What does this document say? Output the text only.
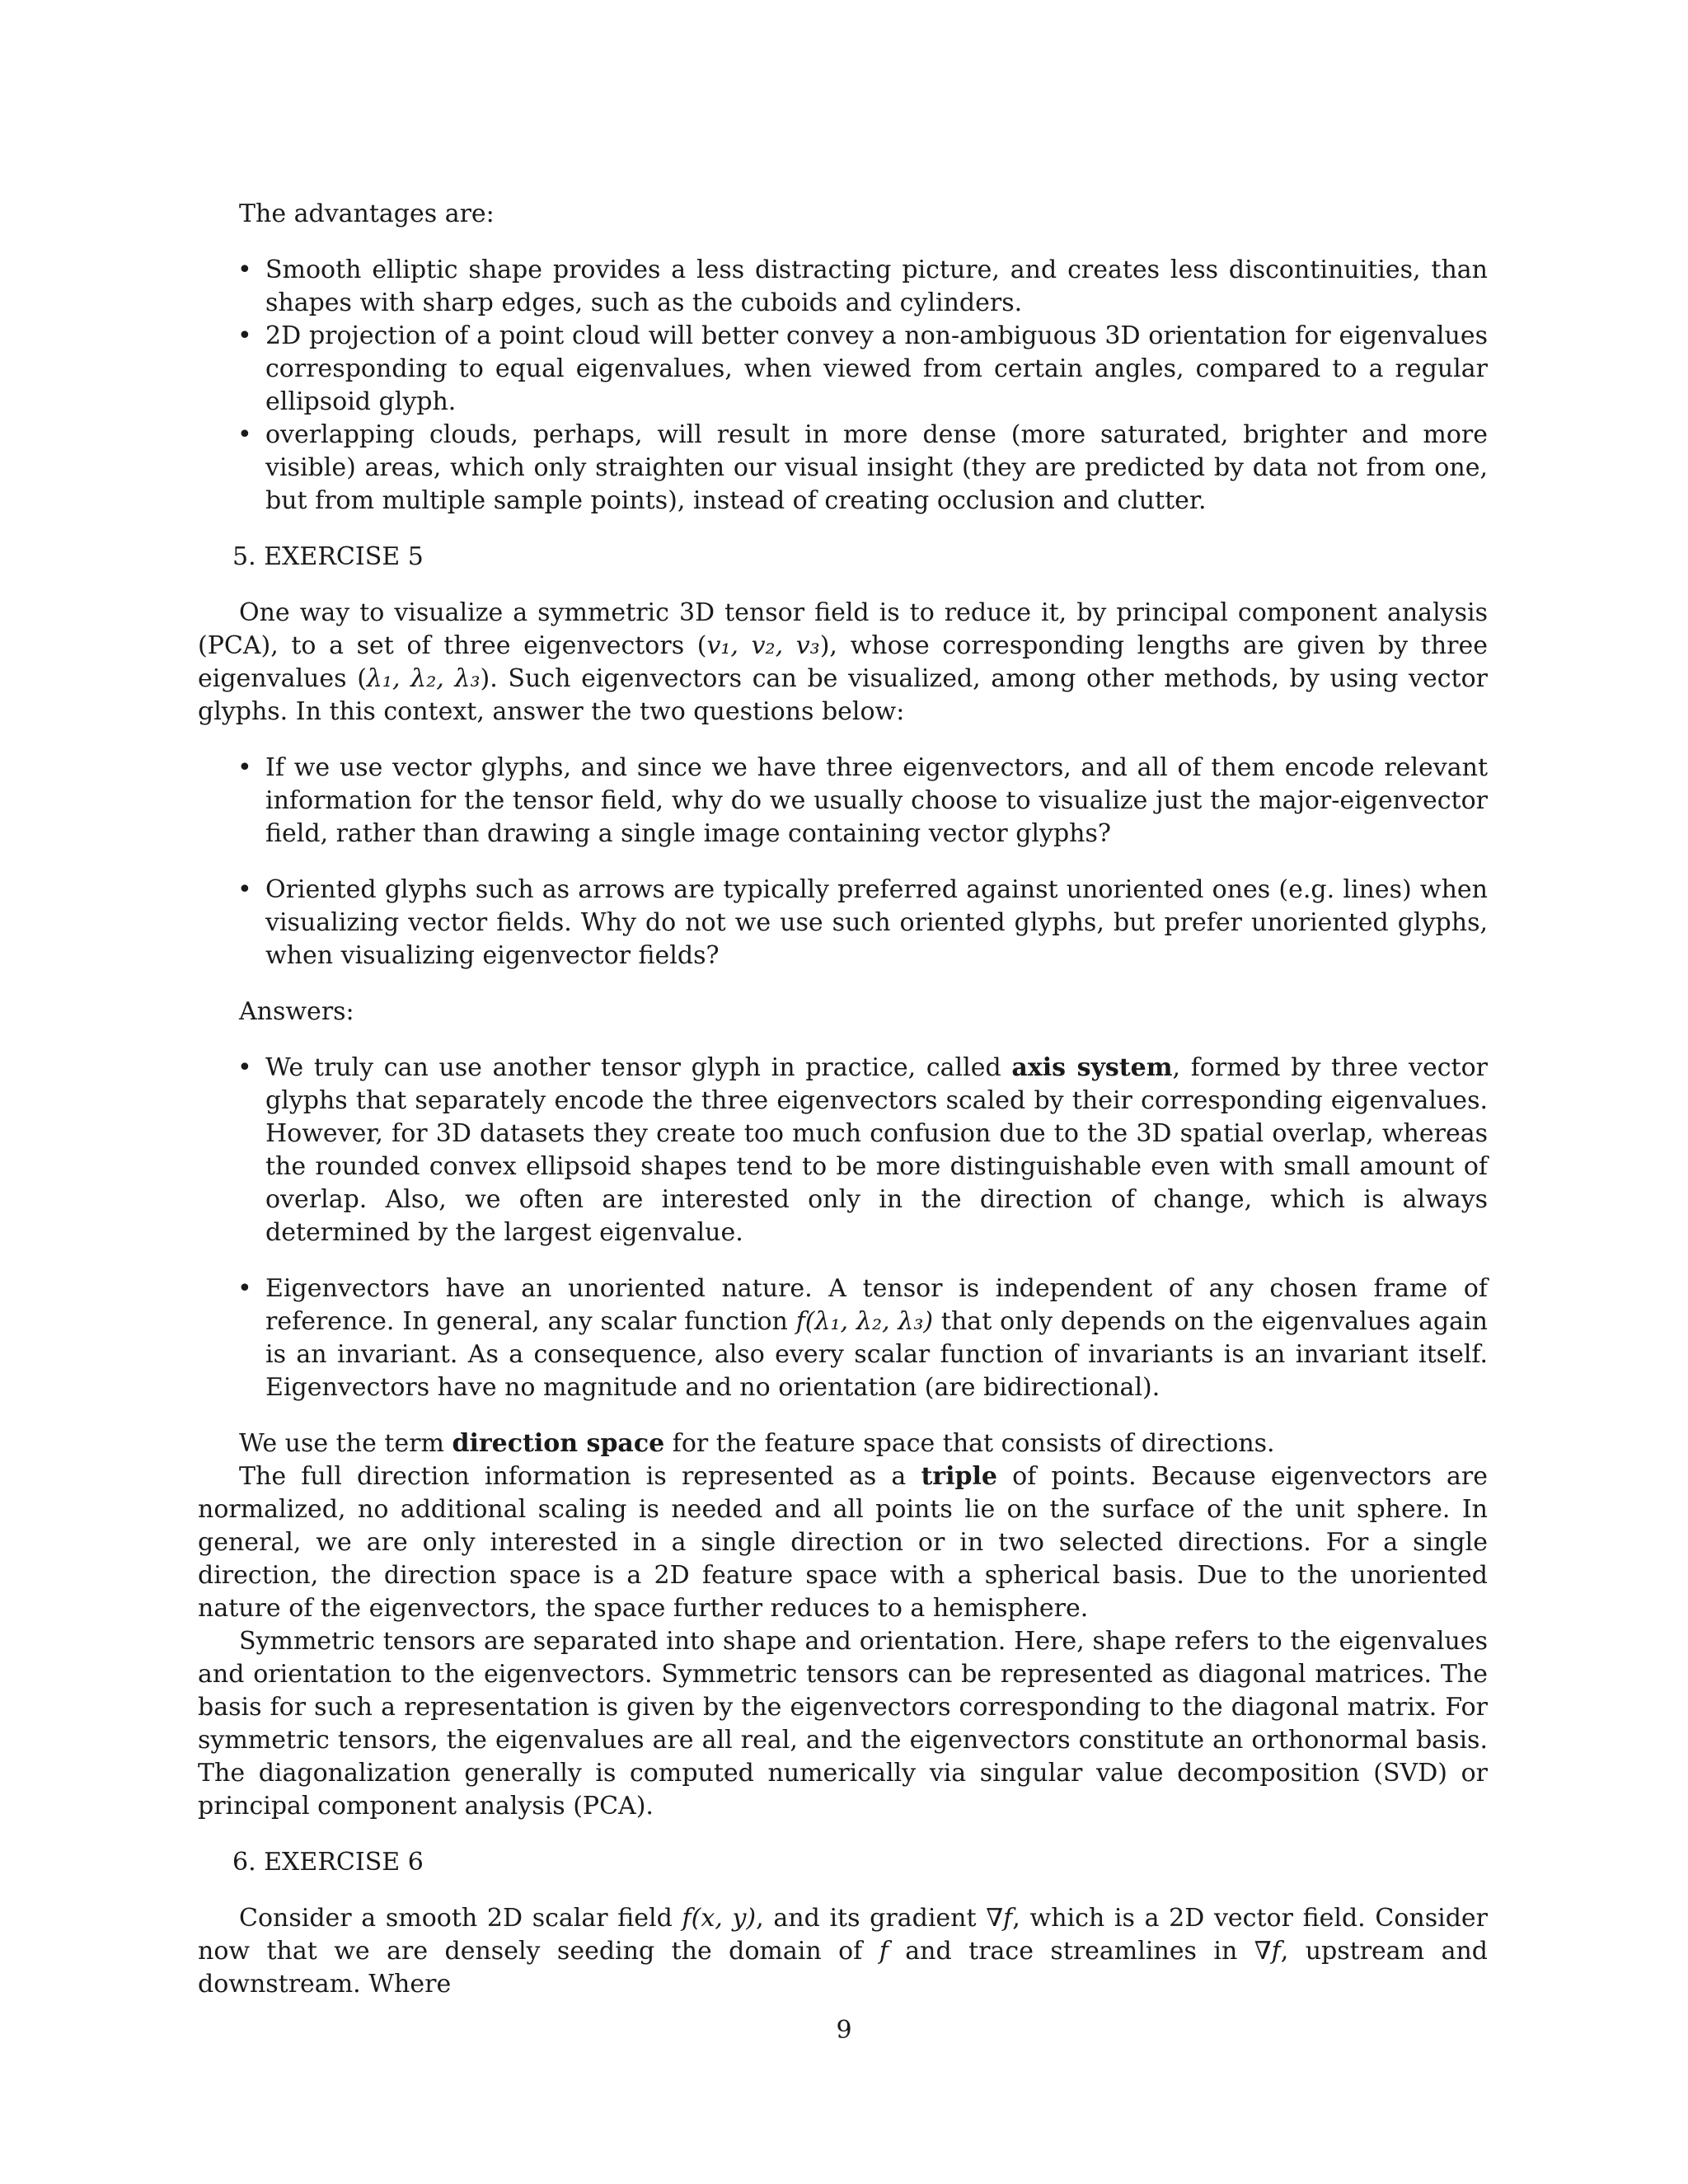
The advantages are:

• Smooth elliptic shape provides a less distracting picture, and creates less discontinuities, than shapes with sharp edges, such as the cuboids and cylinders.
• 2D projection of a point cloud will better convey a non-ambiguous 3D orientation for eigenvalues corresponding to equal eigenvalues, when viewed from certain angles, compared to a regular ellipsoid glyph.
• overlapping clouds, perhaps, will result in more dense (more saturated, brighter and more visible) areas, which only straighten our visual insight (they are predicted by data not from one, but from multiple sample points), instead of creating occlusion and clutter.

5. EXERCISE 5

One way to visualize a symmetric 3D tensor field is to reduce it, by principal component analysis (PCA), to a set of three eigenvectors (v₁, v₂, v₃), whose corresponding lengths are given by three eigenvalues (λ₁, λ₂, λ₃). Such eigenvectors can be visualized, among other methods, by using vector glyphs. In this context, answer the two questions below:

• If we use vector glyphs, and since we have three eigenvectors, and all of them encode relevant information for the tensor field, why do we usually choose to visualize just the major-eigenvector field, rather than drawing a single image containing vector glyphs?
• Oriented glyphs such as arrows are typically preferred against unoriented ones (e.g. lines) when visualizing vector fields. Why do not we use such oriented glyphs, but prefer unoriented glyphs, when visualizing eigenvector fields?

Answers:

• We truly can use another tensor glyph in practice, called axis system, formed by three vector glyphs that separately encode the three eigenvectors scaled by their corresponding eigenvalues. However, for 3D datasets they create too much confusion due to the 3D spatial overlap, whereas the rounded convex ellipsoid shapes tend to be more distinguishable even with small amount of overlap. Also, we often are interested only in the direction of change, which is always determined by the largest eigenvalue.
• Eigenvectors have an unoriented nature. A tensor is independent of any chosen frame of reference. In general, any scalar function f(λ₁, λ₂, λ₃) that only depends on the eigenvalues again is an invariant. As a consequence, also every scalar function of invariants is an invariant itself. Eigenvectors have no magnitude and no orientation (are bidirectional).

We use the term direction space for the feature space that consists of directions.

The full direction information is represented as a triple of points. Because eigenvectors are normalized, no additional scaling is needed and all points lie on the surface of the unit sphere. In general, we are only interested in a single direction or in two selected directions. For a single direction, the direction space is a 2D feature space with a spherical basis. Due to the unoriented nature of the eigenvectors, the space further reduces to a hemisphere.

Symmetric tensors are separated into shape and orientation. Here, shape refers to the eigenvalues and orientation to the eigenvectors. Symmetric tensors can be represented as diagonal matrices. The basis for such a representation is given by the eigenvectors corresponding to the diagonal matrix. For symmetric tensors, the eigenvalues are all real, and the eigenvectors constitute an orthonormal basis. The diagonalization generally is computed numerically via singular value decomposition (SVD) or principal component analysis (PCA).

6. EXERCISE 6

Consider a smooth 2D scalar field f(x, y), and its gradient ∇f, which is a 2D vector field. Consider now that we are densely seeding the domain of f and trace streamlines in ∇f, upstream and downstream. Where

9
